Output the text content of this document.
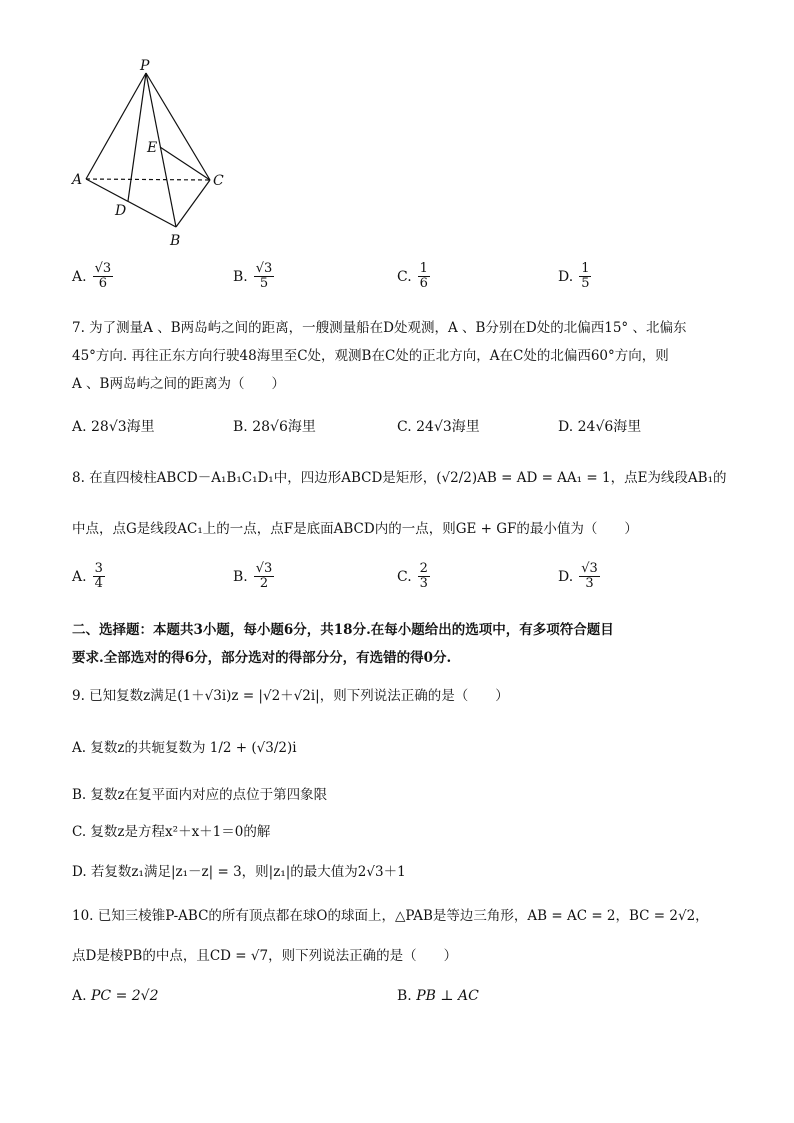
P
E
A	C
D
B
A. $\frac{√3}{6}$	B. $\frac{√3}{5}$	C. $\frac{1}{6}$	D. $\frac{1}{5}$
7. 为了测量A 、B两岛屿之间的距离，一艘测量船在D处观测，A 、B分别在D处的北偏西15° 、北偏东
45°方向. 再往正东方向行驶48海里至C处，观测B在C处的正北方向，A在C处的北偏西60°方向，则
A 、B两岛屿之间的距离为（　　）
A. 28√3海里	B. 28√6海里	C. 24√3海里	D. 24√6海里
8. 在直四棱柱ABCD－A₁B₁C₁D₁中，四边形ABCD是矩形，(√2/2)AB = AD = AA₁ = 1，点E为线段AB₁的
中点，点G是线段AC₁上的一点，点F是底面ABCD内的一点，则GE + GF的最小值为（　　）
A. $\frac{3}{4}$	B. $\frac{√3}{2}$	C. $\frac{2}{3}$	D. $\frac{√3}{3}$
二、选择题：本题共3小题，每小题6分，共18分.在每小题给出的选项中，有多项符合题目
要求.全部选对的得6分，部分选对的得部分分，有选错的得0分.
9. 已知复数z满足(1＋√3i)z = |√2＋√2i|，则下列说法正确的是（　　）
A. 复数z的共轭复数为 1/2 + (√3/2)i
B. 复数z在复平面内对应的点位于第四象限
C. 复数z是方程x²＋x＋1＝0的解
D. 若复数z₁满足|z₁－z| = 3，则|z₁|的最大值为2√3＋1
10. 已知三棱锥P-ABC的所有顶点都在球O的球面上，△PAB是等边三角形，AB = AC = 2，BC = 2√2，
点D是棱PB的中点，且CD = √7，则下列说法正确的是（　　）
A. PC = 2√2	B. PB ⊥ AC
